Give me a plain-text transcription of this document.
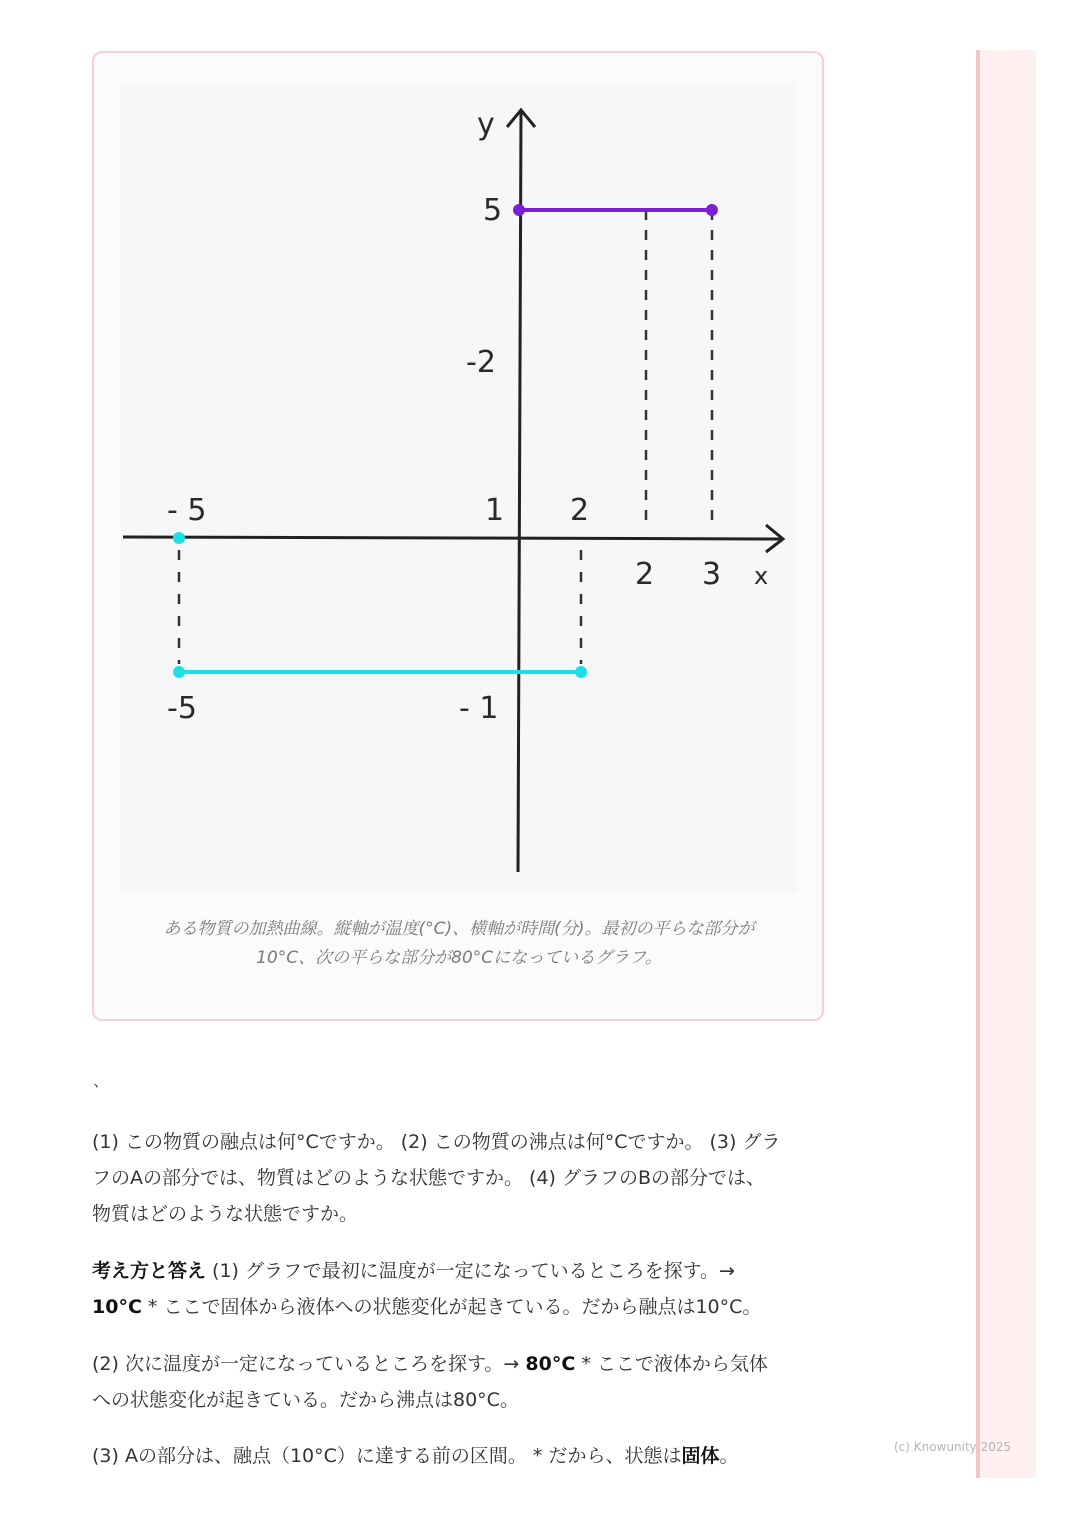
y
5
-2
- 5	1 2
2 3 x
-5	- 1
ある物質の加熱曲線。縦軸が温度(°C)、横軸が時間(分)。最初の平らな部分が
10°C、次の平らな部分が80°Cになっているグラフ。
、
(1) この物質の融点は何°Cですか。 (2) この物質の沸点は何°Cですか。 (3) グラ
フのAの部分では、物質はどのような状態ですか。 (4) グラフのBの部分では、
物質はどのような状態ですか。
考え方と答え (1) グラフで最初に温度が一定になっているところを探す。→
10°C * ここで固体から液体への状態変化が起きている。だから融点は10°C。
(2) 次に温度が一定になっているところを探す。→ 80°C * ここで液体から気体
への状態変化が起きている。だから沸点は80°C。
(3) Aの部分は、融点（10°C）に達する前の区間。 * だから、状態は固体。	(c) Knowunity 2025
